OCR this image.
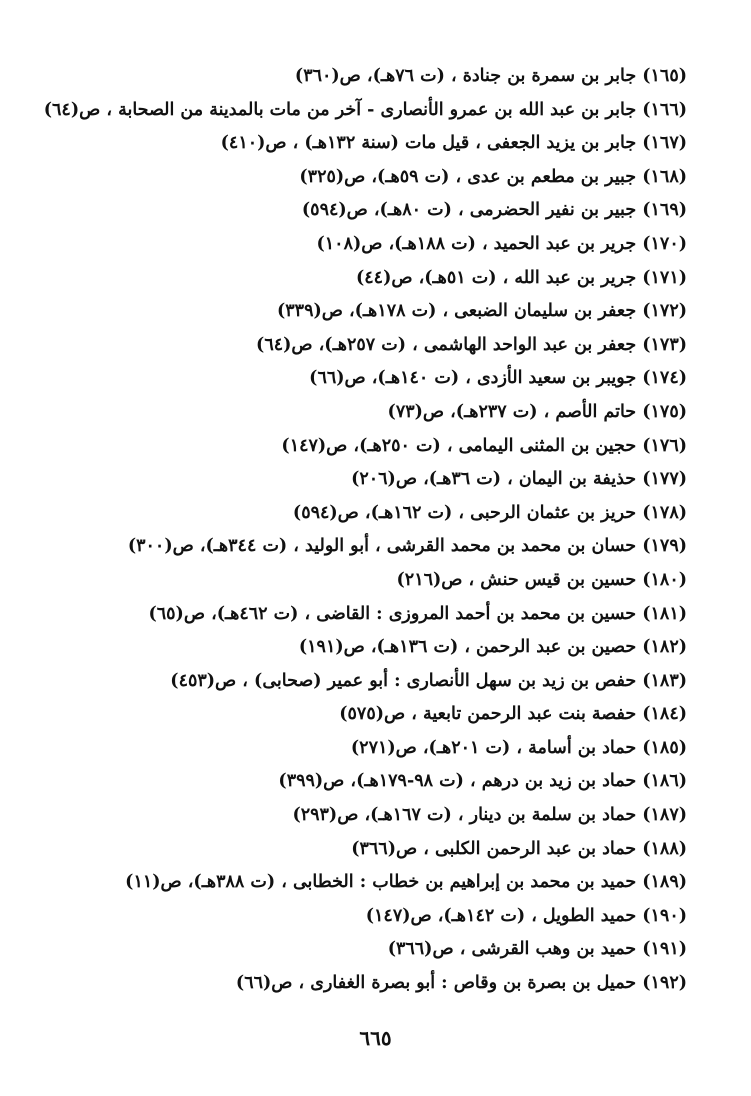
(١٦٥) جابر بن سمرة بن جنادة ، (ت ٧٦هـ)، ص(٣٦٠)
(١٦٦) جابر بن عبد الله بن عمرو الأنصارى - آخر من مات بالمدينة من الصحابة ، ص(٦٤)
(١٦٧) جابر بن يزيد الجعفى ، قيل مات (سنة ١٣٢هـ) ، ص(٤١٠)
(١٦٨) جبير بن مطعم بن عدى ، (ت ٥٩هـ)، ص(٣٢٥)
(١٦٩) جبير بن نفير الحضرمى ، (ت ٨٠هـ)، ص(٥٩٤)
(١٧٠) جرير بن عبد الحميد ، (ت ١٨٨هـ)، ص(١٠٨)
(١٧١) جرير بن عبد الله ، (ت ٥١هـ)، ص(٤٤)
(١٧٢) جعفر بن سليمان الضبعى ، (ت ١٧٨هـ)، ص(٣٣٩)
(١٧٣) جعفر بن عبد الواحد الهاشمى ، (ت ٢٥٧هـ)، ص(٦٤)
(١٧٤) جويبر بن سعيد الأزدى ، (ت ١٤٠هـ)، ص(٦٦)
(١٧٥) حاتم الأصم ، (ت ٢٣٧هـ)، ص(٧٣)
(١٧٦) حجين بن المثنى اليمامى ، (ت ٢٥٠هـ)، ص(١٤٧)
(١٧٧) حذيفة بن اليمان ، (ت ٣٦هـ)، ص(٢٠٦)
(١٧٨) حريز بن عثمان الرحبى ، (ت ١٦٢هـ)، ص(٥٩٤)
(١٧٩) حسان بن محمد بن محمد القرشى ، أبو الوليد ، (ت ٣٤٤هـ)، ص(٣٠٠)
(١٨٠) حسين بن قيس حنش ، ص(٢١٦)
(١٨١) حسين بن محمد بن أحمد المروزى : القاضى ، (ت ٤٦٢هـ)، ص(٦٥)
(١٨٢) حصين بن عبد الرحمن ، (ت ١٣٦هـ)، ص(١٩١)
(١٨٣) حفص بن زيد بن سهل الأنصارى : أبو عمير (صحابى) ، ص(٤٥٣)
(١٨٤) حفصة بنت عبد الرحمن تابعية ، ص(٥٧٥)
(١٨٥) حماد بن أسامة ، (ت ٢٠١هـ)، ص(٢٧١)
(١٨٦) حماد بن زيد بن درهم ، (ت ٩٨-١٧٩هـ)، ص(٣٩٩)
(١٨٧) حماد بن سلمة بن دينار ، (ت ١٦٧هـ)، ص(٢٩٣)
(١٨٨) حماد بن عبد الرحمن الكلبى ، ص(٣٦٦)
(١٨٩) حميد بن محمد بن إبراهيم بن خطاب : الخطابى ، (ت ٣٨٨هـ)، ص(١١)
(١٩٠) حميد الطويل ، (ت ١٤٢هـ)، ص(١٤٧)
(١٩١) حميد بن وهب القرشى ، ص(٣٦٦)
(١٩٢) حميل بن بصرة بن وقاص : أبو بصرة الغفارى ، ص(٦٦)
٦٦٥
